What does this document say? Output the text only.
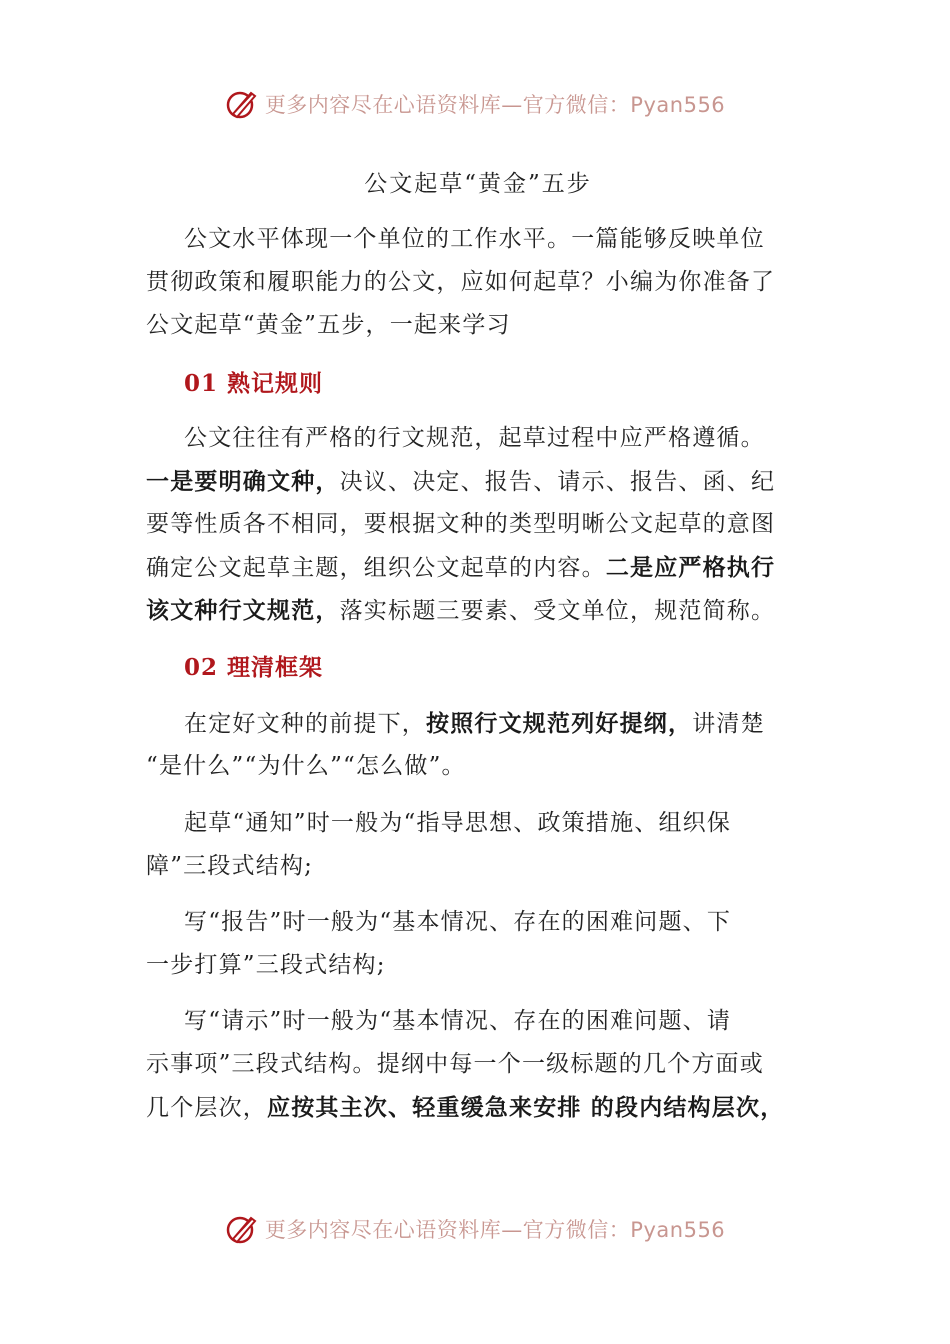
更多内容尽在心语资料库—官方微信：Pyan556
公文起草“黄金”五步
公文水平体现一个单位的工作水平。一篇能够反映单位
贯彻政策和履职能力的公文，应如何起草？小编为你准备了
公文起草“黄金”五步，一起来学习
01 熟记规则
公文往往有严格的行文规范，起草过程中应严格遵循。
一是要明确文种，决议、决定、报告、请示、报告、函、纪
要等性质各不相同，要根据文种的类型明晰公文起草的意图
确定公文起草主题，组织公文起草的内容。二是应严格执行
该文种行文规范，落实标题三要素、受文单位，规范简称。
02 理清框架
在定好文种的前提下，按照行文规范列好提纲，讲清楚
“是什么”“为什么”“怎么做”。
起草“通知”时一般为“指导思想、政策措施、组织保
障”三段式结构;
写“报告”时一般为“基本情况、存在的困难问题、下
一步打算”三段式结构;
写“请示”时一般为“基本情况、存在的困难问题、请
示事项”三段式结构。提纲中每一个一级标题的几个方面或
几个层次，应按其主次、轻重缓急来安排 的段内结构层次，
更多内容尽在心语资料库—官方微信：Pyan556
